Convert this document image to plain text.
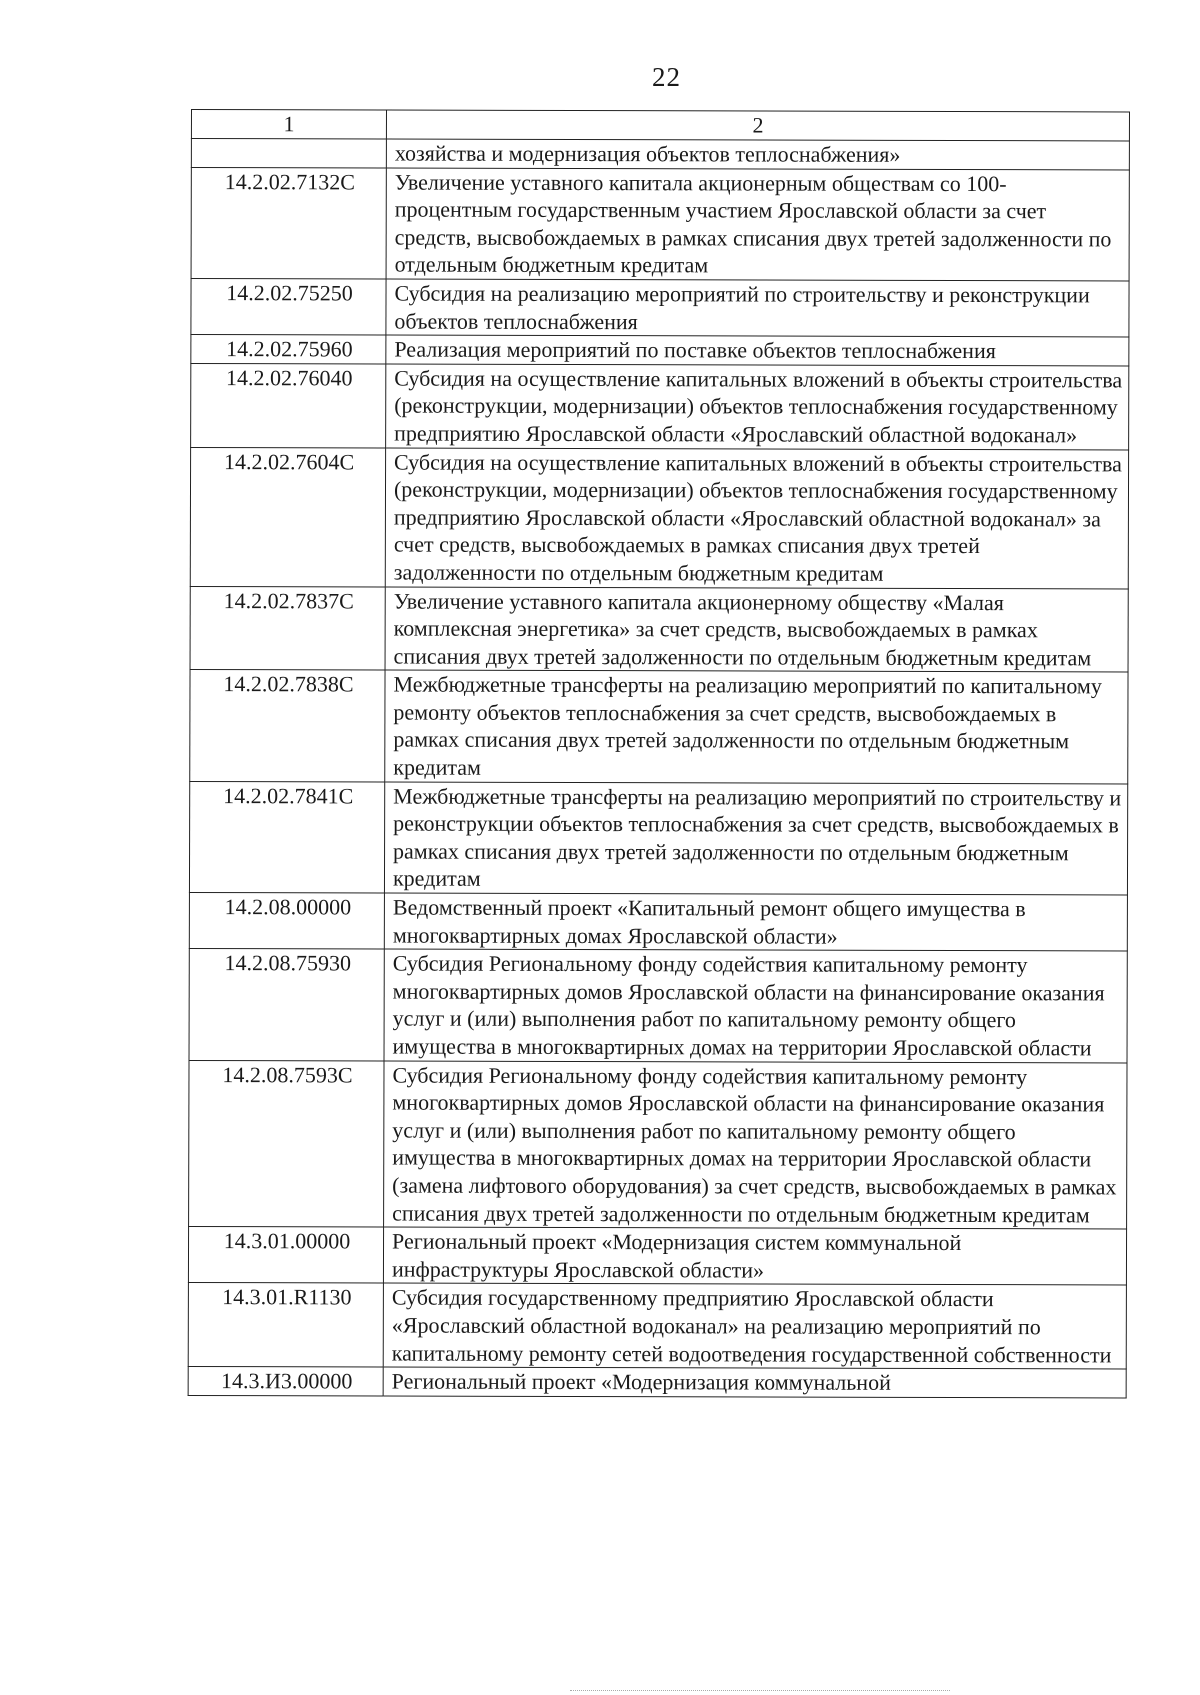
22
1	2
	хозяйства и модернизация объектов теплоснабжения»
14.2.02.7132С	Увеличение уставного капитала акционерным обществам со 100-процентным государственным участием Ярославской области за счет средств, высвобождаемых в рамках списания двух третей задолженности по отдельным бюджетным кредитам
14.2.02.75250	Субсидия на реализацию мероприятий по строительству и реконструкции объектов теплоснабжения
14.2.02.75960	Реализация мероприятий по поставке объектов теплоснабжения
14.2.02.76040	Субсидия на осуществление капитальных вложений в объекты строительства (реконструкции, модернизации) объектов теплоснабжения государственному предприятию Ярославской области «Ярославский областной водоканал»
14.2.02.7604С	Субсидия на осуществление капитальных вложений в объекты строительства (реконструкции, модернизации) объектов теплоснабжения государственному предприятию Ярославской области «Ярославский областной водоканал» за счет средств, высвобождаемых в рамках списания двух третей задолженности по отдельным бюджетным кредитам
14.2.02.7837С	Увеличение уставного капитала акционерному обществу «Малая комплексная энергетика» за счет средств, высвобождаемых в рамках списания двух третей задолженности по отдельным бюджетным кредитам
14.2.02.7838С	Межбюджетные трансферты на реализацию мероприятий по капитальному ремонту объектов теплоснабжения за счет средств, высвобождаемых в рамках списания двух третей задолженности по отдельным бюджетным кредитам
14.2.02.7841С	Межбюджетные трансферты на реализацию мероприятий по строительству и реконструкции объектов теплоснабжения за счет средств, высвобождаемых в рамках списания двух третей задолженности по отдельным бюджетным кредитам
14.2.08.00000	Ведомственный проект «Капитальный ремонт общего имущества в многоквартирных домах Ярославской области»
14.2.08.75930	Субсидия Региональному фонду содействия капитальному ремонту многоквартирных домов Ярославской области на финансирование оказания услуг и (или) выполнения работ по капитальному ремонту общего имущества в многоквартирных домах на территории Ярославской области
14.2.08.7593С	Субсидия Региональному фонду содействия капитальному ремонту многоквартирных домов Ярославской области на финансирование оказания услуг и (или) выполнения работ по капитальному ремонту общего имущества в многоквартирных домах на территории Ярославской области (замена лифтового оборудования) за счет средств, высвобождаемых в рамках списания двух третей задолженности по отдельным бюджетным кредитам
14.3.01.00000	Региональный проект «Модернизация систем коммунальной инфраструктуры Ярославской области»
14.3.01.R1130	Субсидия государственному предприятию Ярославской области «Ярославский областной водоканал» на реализацию мероприятий по капитальному ремонту сетей водоотведения государственной собственности
14.3.И3.00000	Региональный проект «Модернизация коммунальной
